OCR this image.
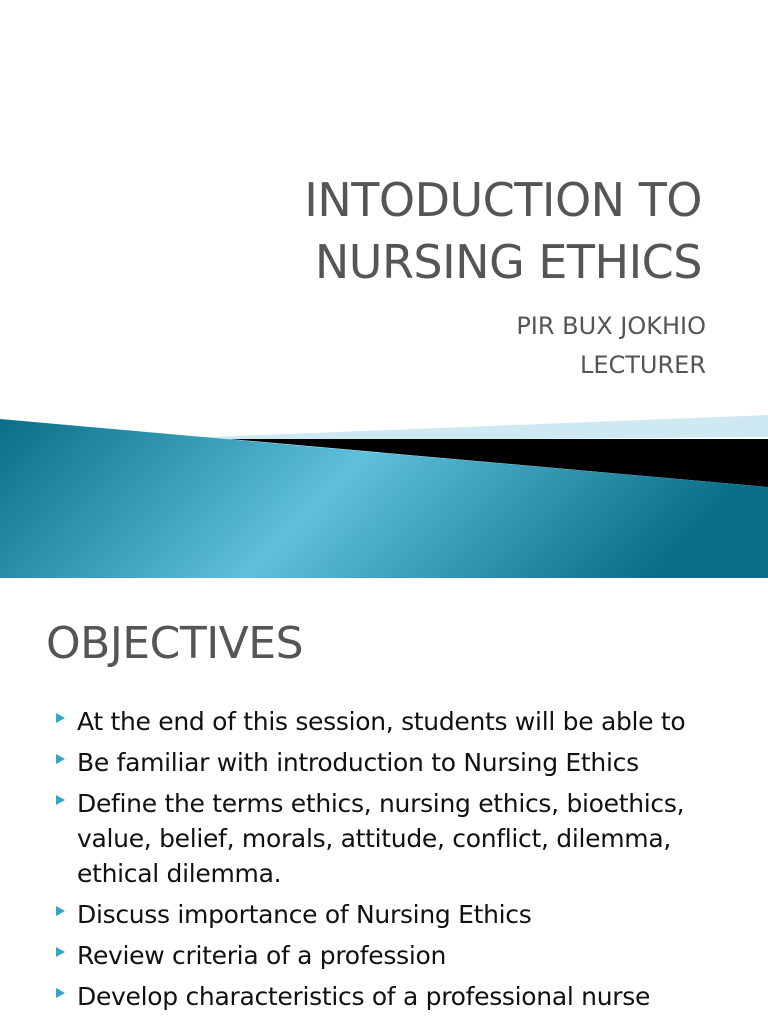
INTODUCTION TO
NURSING ETHICS
PIR BUX JOKHIO
LECTURER
OBJECTIVES
At the end of this session, students will be able to
Be familiar with introduction to Nursing Ethics
Define the terms ethics, nursing ethics, bioethics, value, belief, morals, attitude, conflict, dilemma, ethical dilemma.
Discuss importance of Nursing Ethics
Review criteria of a profession
Develop characteristics of a professional nurse
